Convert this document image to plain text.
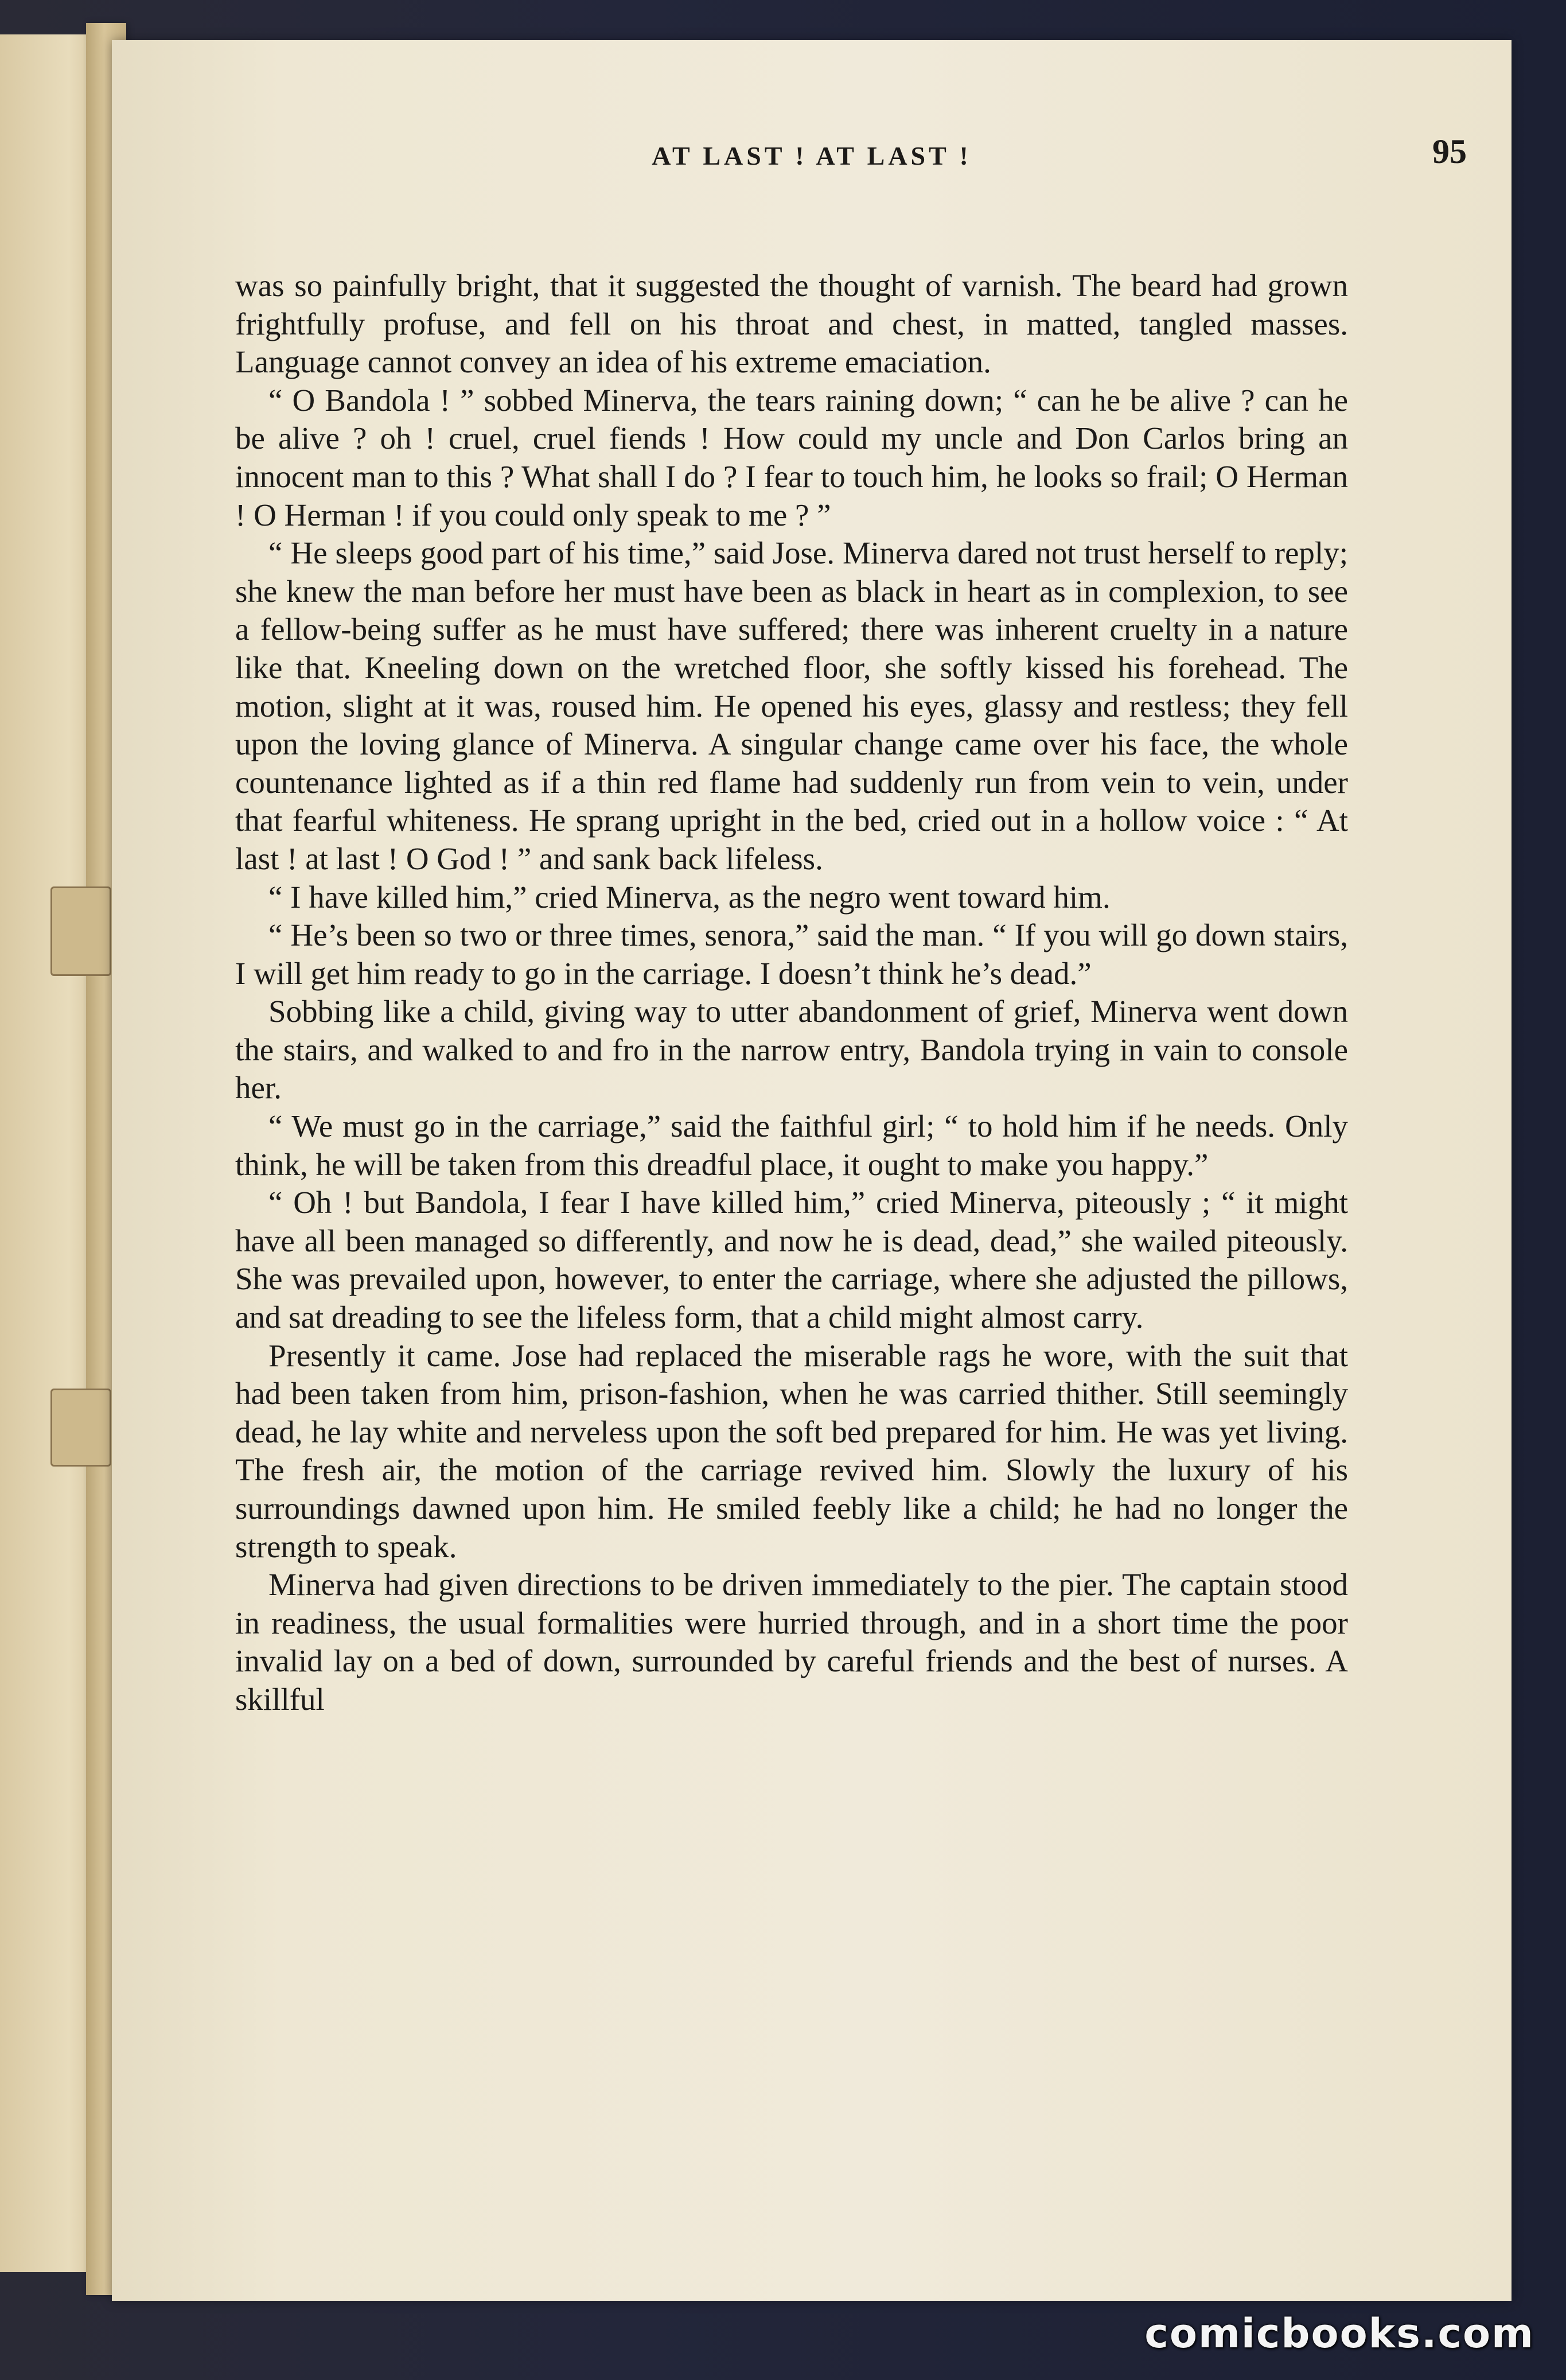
AT LAST ! AT LAST !	95

was so painfully bright, that it suggested the thought of varnish. The beard had grown frightfully profuse, and fell on his throat and chest, in matted, tangled masses. Language cannot convey an idea of his extreme emaciation.

“ O Bandola ! ” sobbed Minerva, the tears raining down; “ can he be alive ? can he be alive ? oh ! cruel, cruel fiends ! How could my uncle and Don Carlos bring an innocent man to this ? What shall I do ? I fear to touch him, he looks so frail; O Herman ! O Herman ! if you could only speak to me ? ”

“ He sleeps good part of his time,” said Jose. Minerva dared not trust herself to reply; she knew the man before her must have been as black in heart as in complexion, to see a fellow-being suffer as he must have suffered; there was inherent cruelty in a nature like that. Kneeling down on the wretched floor, she softly kissed his forehead. The motion, slight at it was, roused him. He opened his eyes, glassy and restless; they fell upon the loving glance of Minerva. A singular change came over his face, the whole countenance lighted as if a thin red flame had suddenly run from vein to vein, under that fearful whiteness. He sprang upright in the bed, cried out in a hollow voice : “ At last ! at last ! O God ! ” and sank back lifeless.

“ I have killed him,” cried Minerva, as the negro went toward him.

“ He’s been so two or three times, senora,” said the man. “ If you will go down stairs, I will get him ready to go in the carriage. I doesn’t think he’s dead.”

Sobbing like a child, giving way to utter abandonment of grief, Minerva went down the stairs, and walked to and fro in the narrow entry, Bandola trying in vain to console her.

“ We must go in the carriage,” said the faithful girl; “ to hold him if he needs. Only think, he will be taken from this dreadful place, it ought to make you happy.”

“ Oh ! but Bandola, I fear I have killed him,” cried Minerva, piteously ; “ it might have all been managed so differently, and now he is dead, dead,” she wailed piteously. She was prevailed upon, however, to enter the carriage, where she adjusted the pillows, and sat dreading to see the lifeless form, that a child might almost carry.

Presently it came. Jose had replaced the miserable rags he wore, with the suit that had been taken from him, prison-fashion, when he was carried thither. Still seemingly dead, he lay white and nerveless upon the soft bed prepared for him. He was yet living. The fresh air, the motion of the carriage revived him. Slowly the luxury of his surroundings dawned upon him. He smiled feebly like a child; he had no longer the strength to speak.

Minerva had given directions to be driven immediately to the pier. The captain stood in readiness, the usual formalities were hurried through, and in a short time the poor invalid lay on a bed of down, surrounded by careful friends and the best of nurses. A skillful

comicbooks.com
